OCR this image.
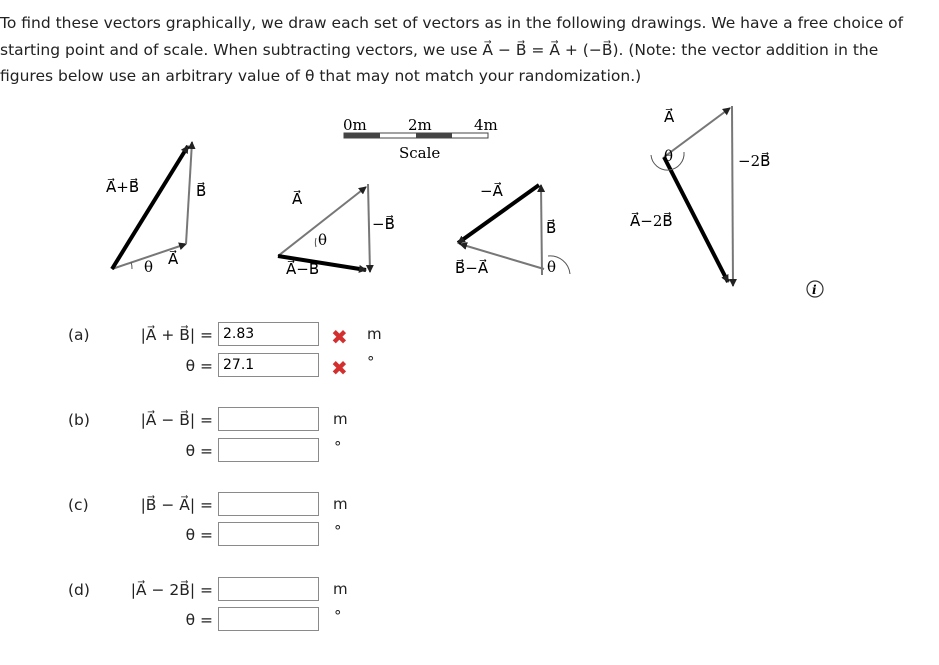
To find these vectors graphically, we draw each set of vectors as in the following drawings. We have a free choice of starting point and of scale. When subtracting vectors, we use A⃗ − B⃗ = A⃗ + (−B⃗). (Note: the vector addition in the figures below use an arbitrary value of θ that may not match your randomization.)
0m	2m	4m
Scale
A⃗+B⃗	B⃗
A⃗
θ
A⃗
−B⃗
A⃗−B⃗
θ
−A⃗
B⃗
B⃗−A⃗	θ
A⃗
−2B⃗
A⃗−2B⃗
θ
i
(a)	|A⃗ + B⃗| =
2.83	✖ m
θ =
27.1	✖ °
(b)	|A⃗ − B⃗| =	m
θ =	°
(c)	|B⃗ − A⃗| =	m
θ =	°
(d)	|A⃗ − 2B⃗| =	m
θ =	°
